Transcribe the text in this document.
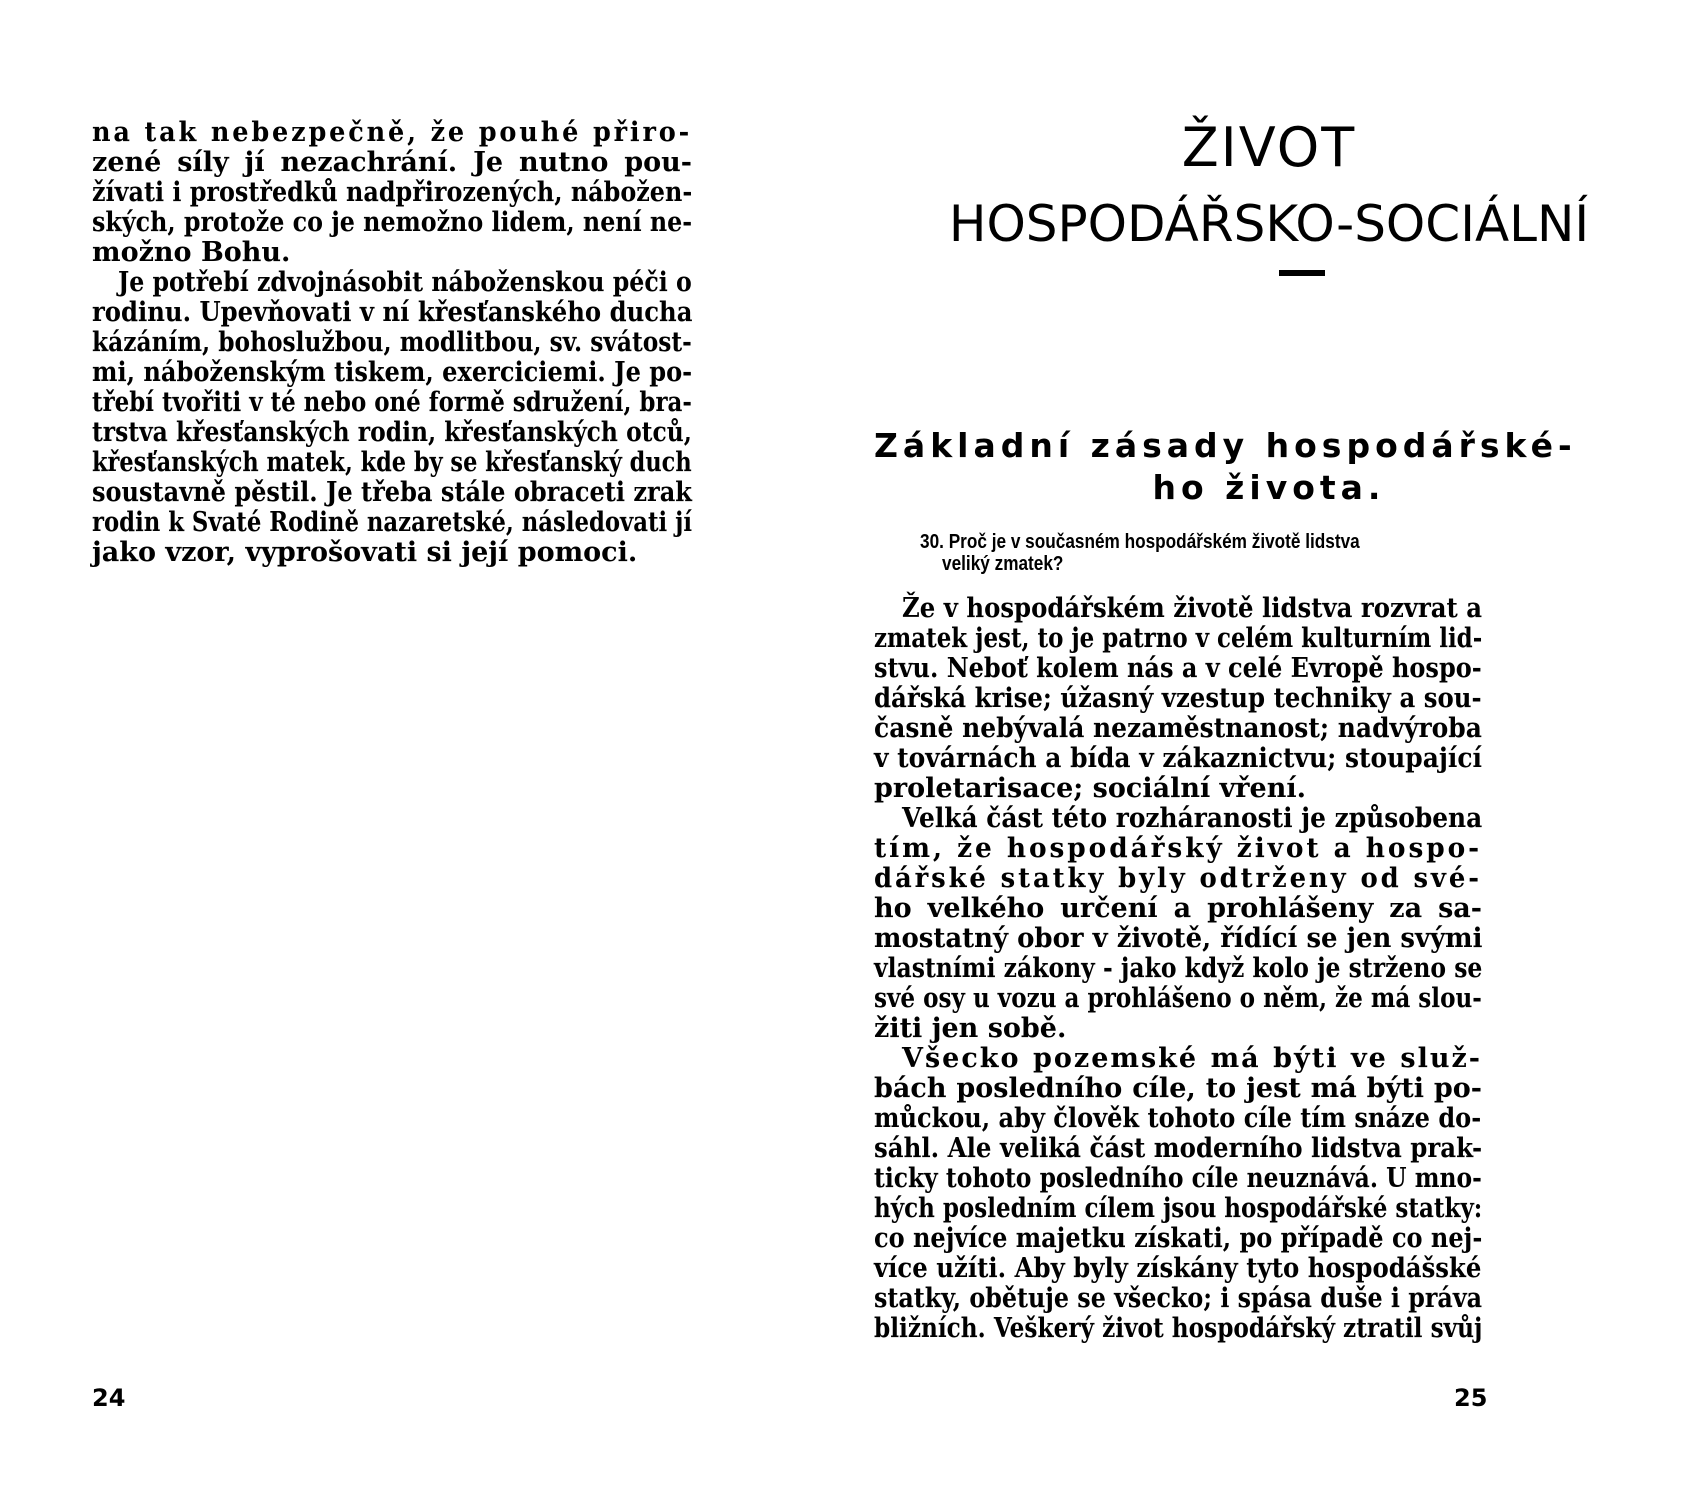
na tak nebezpečně, že pouhé přiro-
zené síly jí nezachrání. Je nutno pou-
žívati i prostředků nadpřirozených, nábožen-
ských, protože co je nemožno lidem, není ne-
možno Bohu.
Je potřebí zdvojnásobit náboženskou péči o
rodinu. Upevňovati v ní křesťanského ducha
kázáním, bohoslužbou, modlitbou, sv. svátost-
mi, náboženským tiskem, exerciciemi. Je po-
třebí tvořiti v té nebo oné formě sdružení, bra-
trstva křesťanských rodin, křesťanských otců,
křesťanských matek, kde by se křesťanský duch
soustavně pěstil. Je třeba stále obraceti zrak
rodin k Svaté Rodině nazaretské, následovati jí
jako vzor, vyprošovati si její pomoci.
24
ŽIVOT
HOSPODÁŘSKO-SOCIÁLNÍ
Základní zásady hospodářské-
ho života.
30. Proč je v současném hospodářském životě lidstva
veliký zmatek?
Že v hospodářském životě lidstva rozvrat a
zmatek jest, to je patrno v celém kulturním lid-
stvu. Neboť kolem nás a v celé Evropě hospo-
dářská krise; úžasný vzestup techniky a sou-
časně nebývalá nezaměstnanost; nadvýroba
v továrnách a bída v zákaznictvu; stoupající
proletarisace; sociální vření.
Velká část této rozháranosti je způsobena
tím, že hospodářský život a hospo-
dářské statky byly odtrženy od své-
ho velkého určení a prohlášeny za sa-
mostatný obor v životě, řídící se jen svými
vlastními zákony - jako když kolo je strženo se
své osy u vozu a prohlášeno o něm, že má slou-
žiti jen sobě.
Všecko pozemské má býti ve služ-
bách posledního cíle, to jest má býti po-
můckou, aby člověk tohoto cíle tím snáze do-
sáhl. Ale veliká část moderního lidstva prak-
ticky tohoto posledního cíle neuznává. U mno-
hých posledním cílem jsou hospodářské statky:
co nejvíce majetku získati, po případě co nej-
více užíti. Aby byly získány tyto hospodášské
statky, obětuje se všecko; i spása duše i práva
bližních. Veškerý život hospodářský ztratil svůj
25
